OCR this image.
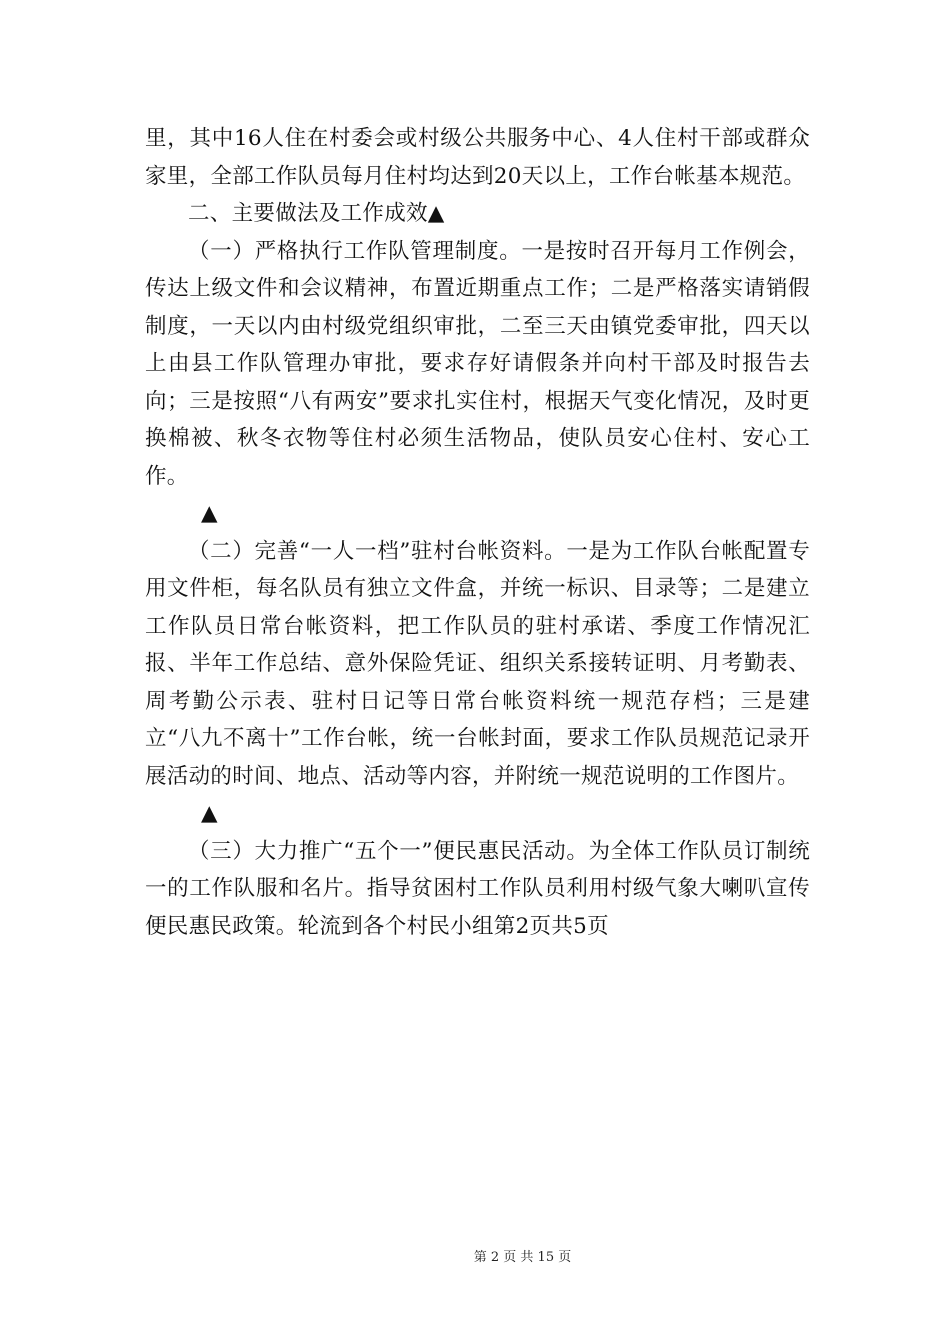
里，其中16人住在村委会或村级公共服务中心、4人住村干部或群众家里，全部工作队员每月住村均达到20天以上，工作台帐基本规范。

二、主要做法及工作成效▲

（一）严格执行工作队管理制度。一是按时召开每月工作例会，传达上级文件和会议精神，布置近期重点工作；二是严格落实请销假制度，一天以内由村级党组织审批，二至三天由镇党委审批，四天以上由县工作队管理办审批，要求存好请假条并向村干部及时报告去向；三是按照“八有两安”要求扎实住村，根据天气变化情况，及时更换棉被、秋冬衣物等住村必须生活物品，使队员安心住村、安心工作。

▲

（二）完善“一人一档”驻村台帐资料。一是为工作队台帐配置专用文件柜，每名队员有独立文件盒，并统一标识、目录等；二是建立工作队员日常台帐资料，把工作队员的驻村承诺、季度工作情况汇报、半年工作总结、意外保险凭证、组织关系接转证明、月考勤表、周考勤公示表、驻村日记等日常台帐资料统一规范存档；三是建立“八九不离十”工作台帐，统一台帐封面，要求工作队员规范记录开展活动的时间、地点、活动等内容，并附统一规范说明的工作图片。

▲

（三）大力推广“五个一”便民惠民活动。为全体工作队员订制统一的工作队服和名片。指导贫困村工作队员利用村级气象大喇叭宣传便民惠民政策。轮流到各个村民小组第2页共5页

第 2 页 共 15 页
